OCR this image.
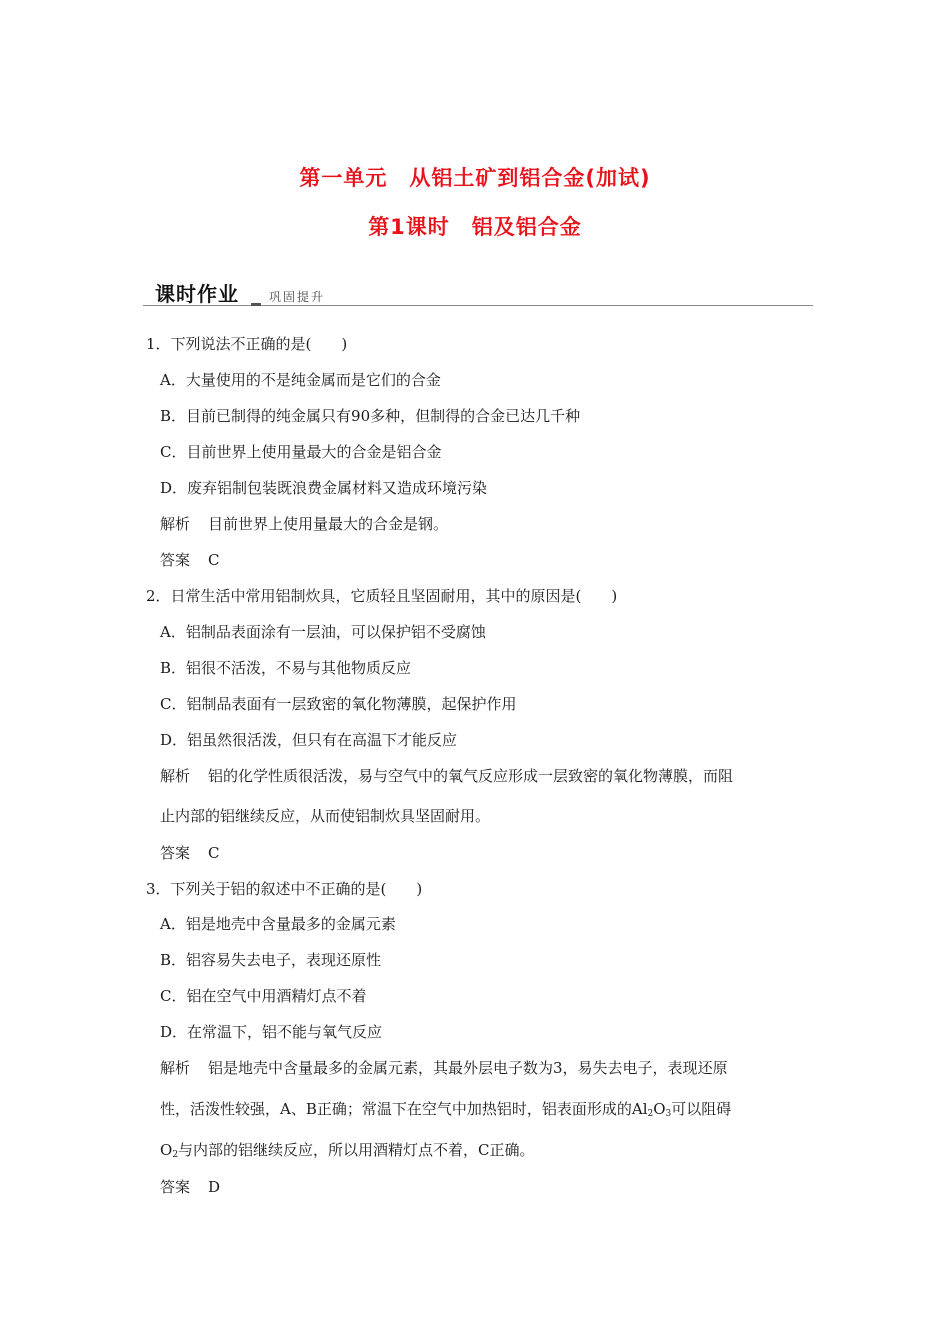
第一单元　从铝土矿到铝合金(加试)
第1课时　铝及铝合金
课时作业	巩固提升
1．下列说法不正确的是(　　)
A．大量使用的不是纯金属而是它们的合金
B．目前已制得的纯金属只有90多种，但制得的合金已达几千种
C．目前世界上使用量最大的合金是铝合金
D．废弃铝制包装既浪费金属材料又造成环境污染
解析 目前世界上使用量最大的合金是钢。
答案 C
2．日常生活中常用铝制炊具，它质轻且坚固耐用，其中的原因是(　　)
A．铝制品表面涂有一层油，可以保护铝不受腐蚀
B．铝很不活泼，不易与其他物质反应
C．铝制品表面有一层致密的氧化物薄膜，起保护作用
D．铝虽然很活泼，但只有在高温下才能反应
解析 铝的化学性质很活泼，易与空气中的氧气反应形成一层致密的氧化物薄膜，而阻
止内部的铝继续反应，从而使铝制炊具坚固耐用。
答案 C
3．下列关于铝的叙述中不正确的是(　　)
A．铝是地壳中含量最多的金属元素
B．铝容易失去电子，表现还原性
C．铝在空气中用酒精灯点不着
D．在常温下，铝不能与氧气反应
解析 铝是地壳中含量最多的金属元素，其最外层电子数为3，易失去电子，表现还原
性，活泼性较强，A、B正确；常温下在空气中加热铝时，铝表面形成的$Al_2O_3$可以阻碍
$O_2$与内部的铝继续反应，所以用酒精灯点不着，C正确。
答案 D
